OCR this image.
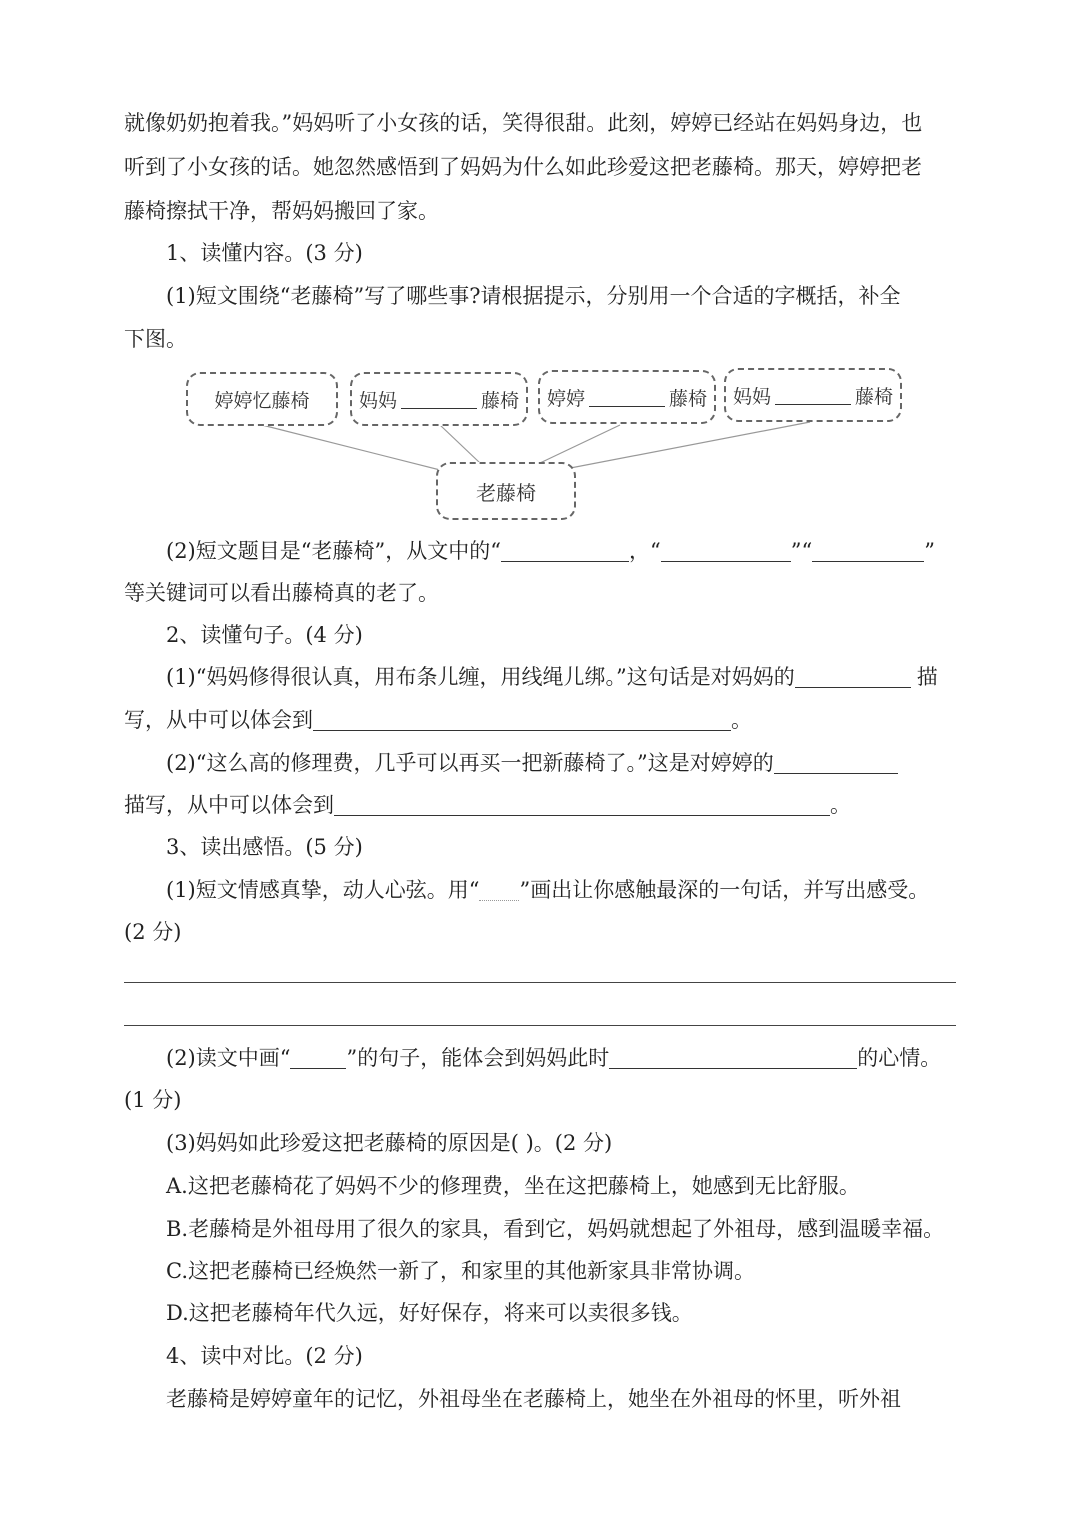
就像奶奶抱着我。”妈妈听了小女孩的话，笑得很甜。此刻，婷婷已经站在妈妈身边，也
听到了小女孩的话。她忽然感悟到了妈妈为什么如此珍爱这把老藤椅。那天，婷婷把老
藤椅擦拭干净，帮妈妈搬回了家。
1、读懂内容。(3 分)
(1)短文围绕“老藤椅”写了哪些事?请根据提示，分别用一个合适的字概括，补全
下图。
婷婷忆藤椅	妈妈	藤椅 婷婷	藤椅 妈妈	藤椅
老藤椅
(2)短文题目是“老藤椅”，从文中的“	，“	”“	”
等关键词可以看出藤椅真的老了。
2、读懂句子。(4 分)
(1)“妈妈修得很认真，用布条儿缠，用线绳儿绑。”这句话是对妈妈的	描
写，从中可以体会到	。
(2)“这么高的修理费，几乎可以再买一把新藤椅了。”这是对婷婷的
描写，从中可以体会到	。
3、读出感悟。(5 分)
(1)短文情感真挚，动人心弦。用“ ”画出让你感触最深的一句话，并写出感受。
(2 分)
(2)读文中画“	”的句子，能体会到妈妈此时	的心情。
(1 分)
(3)妈妈如此珍爱这把老藤椅的原因是( )。(2 分)
A.这把老藤椅花了妈妈不少的修理费，坐在这把藤椅上，她感到无比舒服。
B.老藤椅是外祖母用了很久的家具，看到它，妈妈就想起了外祖母，感到温暖幸福。
C.这把老藤椅已经焕然一新了，和家里的其他新家具非常协调。
D.这把老藤椅年代久远，好好保存，将来可以卖很多钱。
4、读中对比。(2 分)
老藤椅是婷婷童年的记忆，外祖母坐在老藤椅上，她坐在外祖母的怀里，听外祖
